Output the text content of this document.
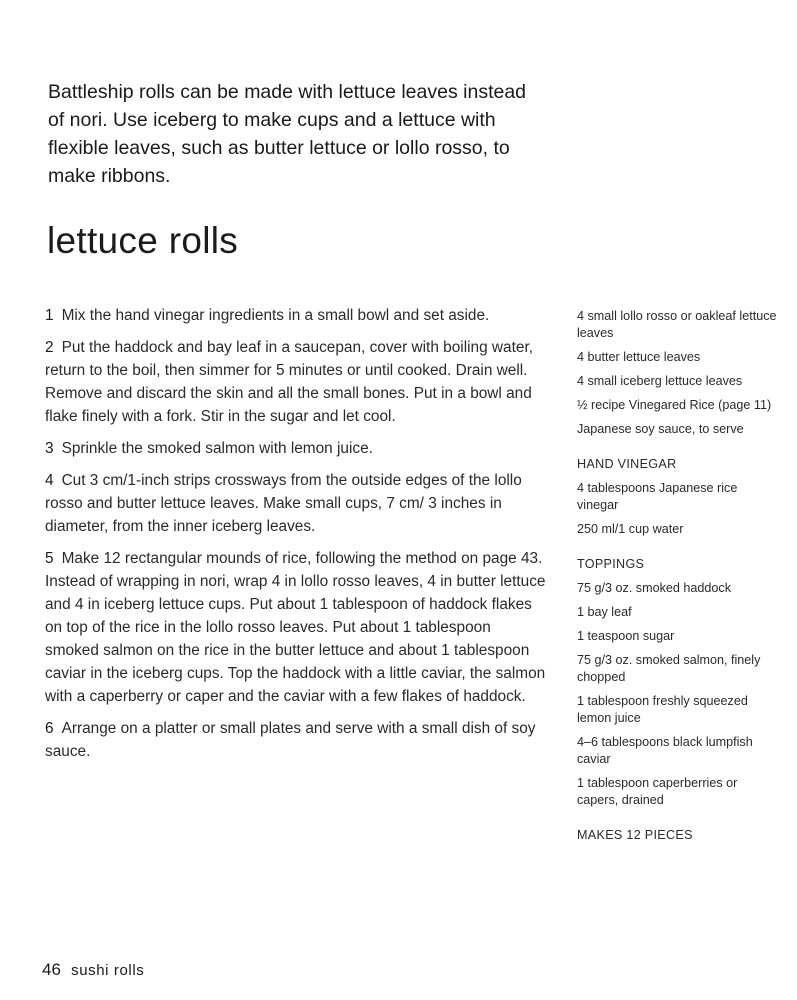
Battleship rolls can be made with lettuce leaves instead of nori. Use iceberg to make cups and a lettuce with flexible leaves, such as butter lettuce or lollo rosso, to make ribbons.

lettuce rolls
1 Mix the hand vinegar ingredients in a small bowl and set aside.
2 Put the haddock and bay leaf in a saucepan, cover with boiling water, return to the boil, then simmer for 5 minutes or until cooked. Drain well. Remove and discard the skin and all the small bones. Put in a bowl and flake finely with a fork. Stir in the sugar and let cool.
3 Sprinkle the smoked salmon with lemon juice.
4 Cut 3 cm/1-inch strips crossways from the outside edges of the lollo rosso and butter lettuce leaves. Make small cups, 7 cm/ 3 inches in diameter, from the inner iceberg leaves.
5 Make 12 rectangular mounds of rice, following the method on page 43. Instead of wrapping in nori, wrap 4 in lollo rosso leaves, 4 in butter lettuce and 4 in iceberg lettuce cups. Put about 1 tablespoon of haddock flakes on top of the rice in the lollo rosso leaves. Put about 1 tablespoon smoked salmon on the rice in the butter lettuce and about 1 tablespoon caviar in the iceberg cups. Top the haddock with a little caviar, the salmon with a caperberry or caper and the caviar with a few flakes of haddock.
6 Arrange on a platter or small plates and serve with a small dish of soy sauce.
4 small lollo rosso or oakleaf lettuce leaves
4 butter lettuce leaves
4 small iceberg lettuce leaves
½ recipe Vinegared Rice (page 11)
Japanese soy sauce, to serve
HAND VINEGAR
4 tablespoons Japanese rice vinegar
250 ml/1 cup water
TOPPINGS
75 g/3 oz. smoked haddock
1 bay leaf
1 teaspoon sugar
75 g/3 oz. smoked salmon, finely chopped
1 tablespoon freshly squeezed lemon juice
4–6 tablespoons black lumpfish caviar
1 tablespoon caperberries or capers, drained
MAKES 12 PIECES
46 sushi rolls
